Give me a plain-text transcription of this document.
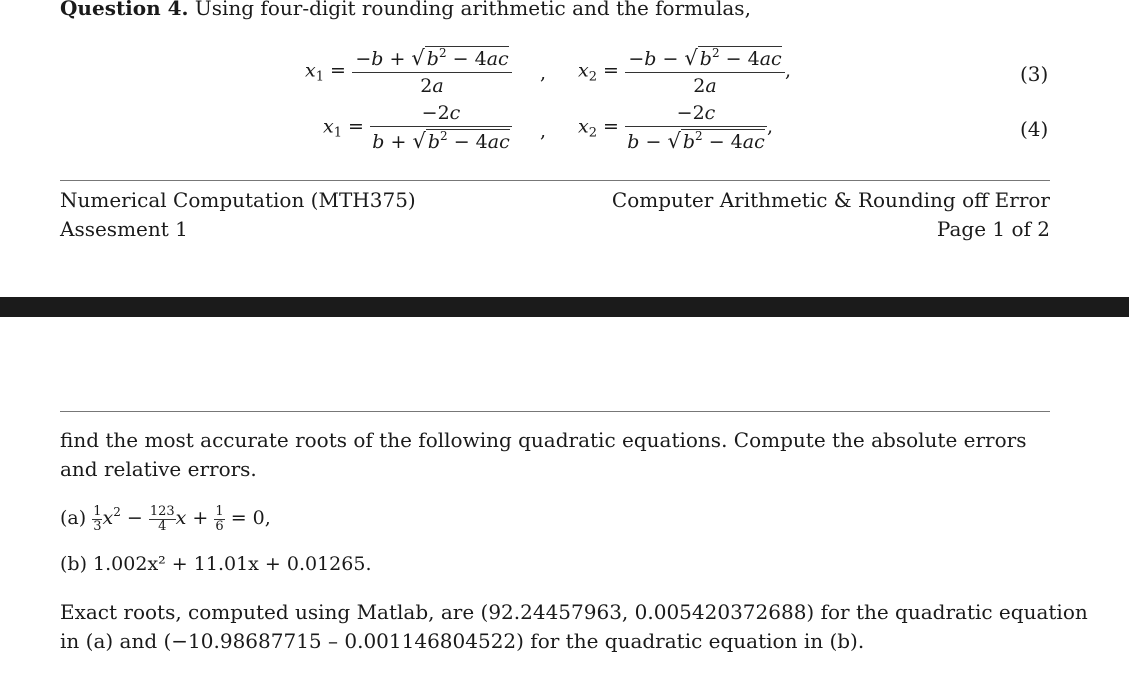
Question 4. Using four-digit rounding arithmetic and the formulas,
$x_1 = \frac{-b + √ b^2 - 4ac}{2a}$ , $x_2 = \frac{-b - √ b^2 - 4ac}{2a}$ ,	(3)
$x_1 = \frac{-2c}{b + √ b^2 - 4ac}$ , $x_2 = \frac{-2c}{b - √ b^2 - 4ac}$ ,	(4)
Numerical Computation (MTH375)
Assesment 1
Computer Arithmetic & Rounding off Error
Page 1 of 2
find the most accurate roots of the following quadratic equations. Compute the absolute errors
and relative errors.
$(a) \frac{1}{3} x^2 - \frac{123}{4}$ $x + \frac{1}{6} = 0$,
(b) 1.002x² + 11.01x + 0.01265.
Exact roots, computed using Matlab, are (92.24457963, 0.005420372688) for the quadratic equation
in (a) and (−10.98687715 – 0.001146804522) for the quadratic equation in (b).
